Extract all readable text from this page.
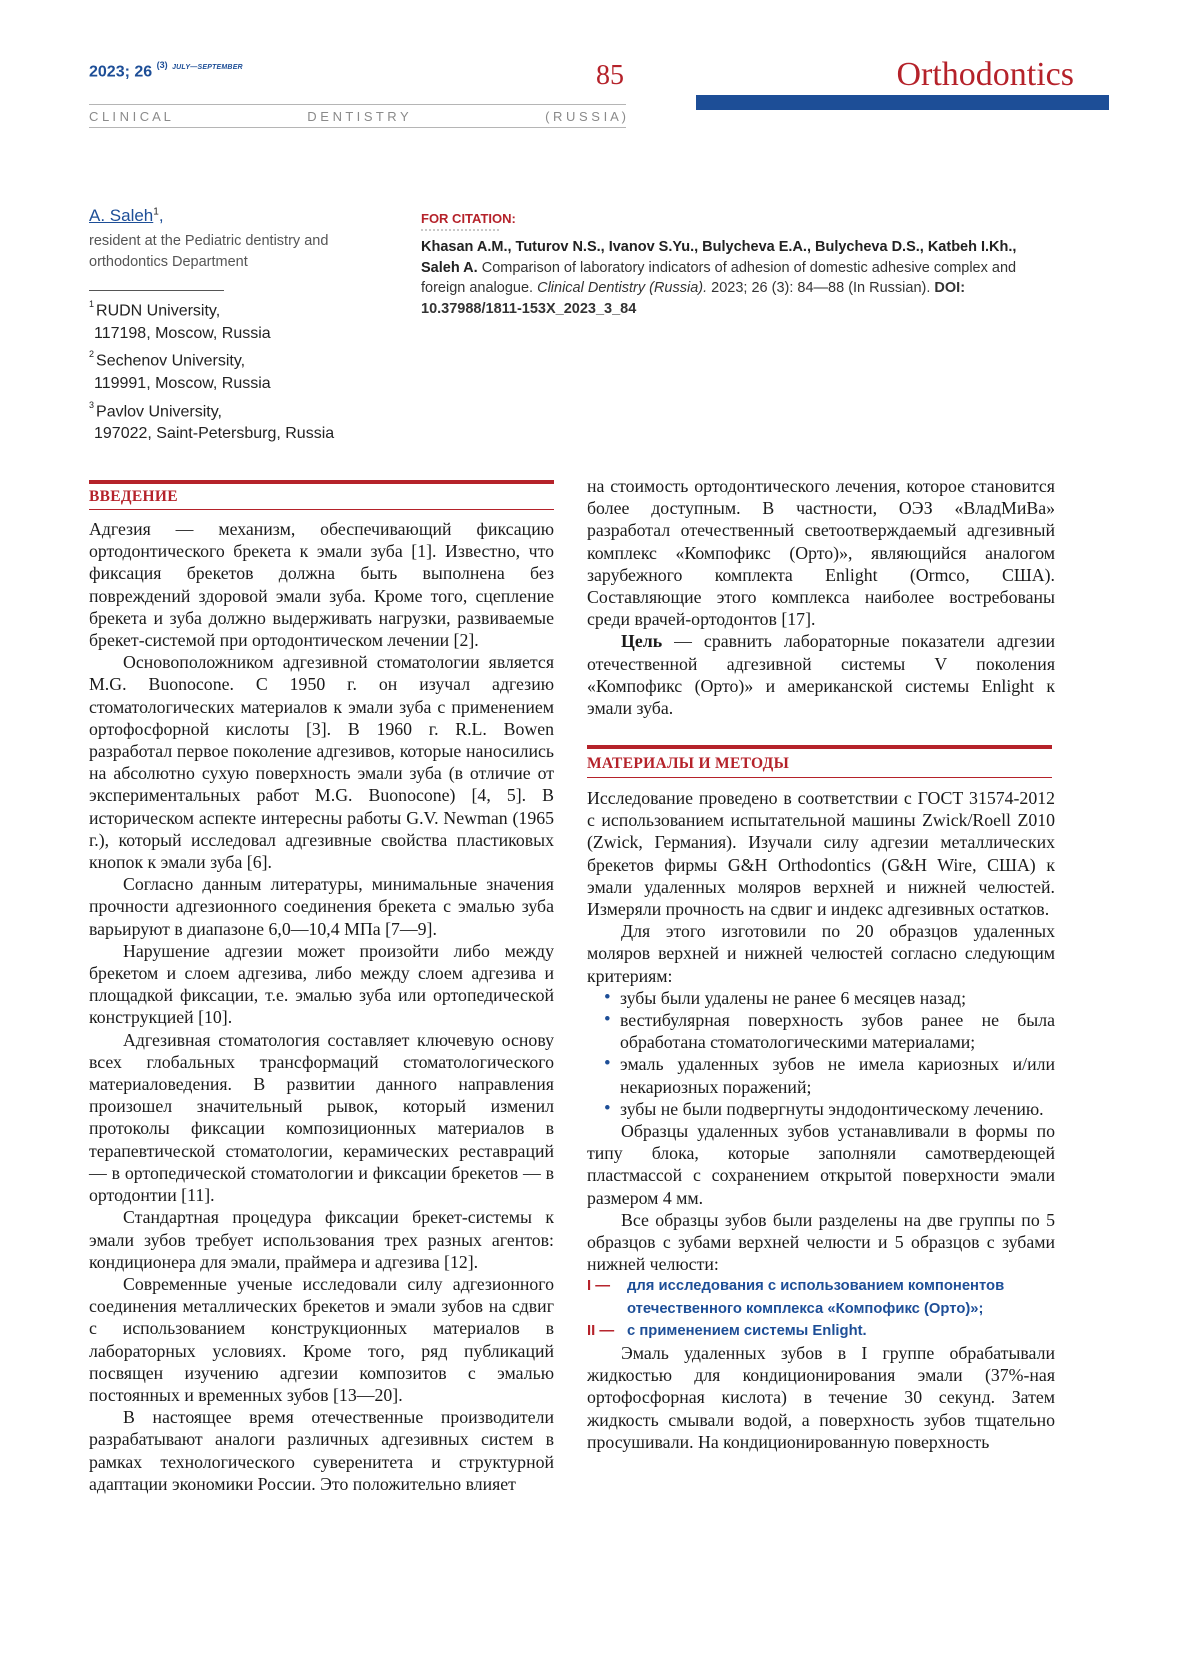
2023; 26 $^{(3)}$ $^{JULY—SEPTEMBER}$	85	Orthodontics
C L I N I C A L	D E N T I S T R Y	( R U S S I A )
A. Saleh$^1$,
resident at the Pediatric dentistry and orthodontics Department
$^1$ RUDN University,
117198, Moscow, Russia
$^2$ Sechenov University,
119991, Moscow, Russia
$^3$ Pavlov University,
197022, Saint-Petersburg, Russia
FOR CITATION:
Khasan A.M., Tuturov N.S., Ivanov S.Yu., Bulycheva E.A., Bulycheva D.S., Katbeh I.Kh., Saleh A. Comparison of laboratory indicators of adhesion of domestic adhesive complex and foreign analogue. Clinical Dentistry (Russia). 2023; 26 (3): 84—88 (In Russian). DOI: 10.37988/1811-153X_2023_3_84
ВВЕДЕНИЕ

Адгезия — механизм, обеспечивающий фиксацию ортодонтического брекета к эмали зуба [1]. Известно, что фиксация брекетов должна быть выполнена без повреждений здоровой эмали зуба. Кроме того, сцепление брекета и зуба должно выдерживать нагрузки, развиваемые брекет-системой при ортодонтическом лечении [2].

Основоположником адгезивной стоматологии является M.G. Buonocone. С 1950 г. он изучал адгезию стоматологических материалов к эмали зуба с применением ортофосфорной кислоты [3]. В 1960 г. R.L. Bowen разработал первое поколение адгезивов, которые наносились на абсолютно сухую поверхность эмали зуба (в отличие от экспериментальных работ M.G. Buonocone) [4, 5]. В историческом аспекте интересны работы G.V. Newman (1965 г.), который исследовал адгезивные свойства пластиковых кнопок к эмали зуба [6].

Согласно данным литературы, минимальные значения прочности адгезионного соединения брекета с эмалью зуба варьируют в диапазоне 6,0—10,4 МПа [7—9].

Нарушение адгезии может произойти либо между брекетом и слоем адгезива, либо между слоем адгезива и площадкой фиксации, т.е. эмалью зуба или ортопедической конструкцией [10].

Адгезивная стоматология составляет ключевую основу всех глобальных трансформаций стоматологического материаловедения. В развитии данного направления произошел значительный рывок, который изменил протоколы фиксации композиционных материалов в терапевтической стоматологии, керамических реставраций — в ортопедической стоматологии и фиксации брекетов — в ортодонтии [11].

Стандартная процедура фиксации брекет-системы к эмали зубов требует использования трех разных агентов: кондиционера для эмали, праймера и адгезива [12].

Современные ученые исследовали силу адгезионного соединения металлических брекетов и эмали зубов на сдвиг с использованием конструкционных материалов в лабораторных условиях. Кроме того, ряд публикаций посвящен изучению адгезии композитов с эмалью постоянных и временных зубов [13—20].

В настоящее время отечественные производители разрабатывают аналоги различных адгезивных систем в рамках технологического суверенитета и структурной адаптации экономики России. Это положительно влияет

на стоимость ортодонтического лечения, которое становится более доступным. В частности, ОЭЗ «ВладМиВа» разработал отечественный светоотверждаемый адгезивный комплекс «Компофикс (Орто)», являющийся аналогом зарубежного комплекта Enlight (Ormco, США). Составляющие этого комплекса наиболее востребованы среди врачей-ортодонтов [17].

Цель — сравнить лабораторные показатели адгезии отечественной адгезивной системы V поколения «Компофикс (Орто)» и американской системы Enlight к эмали зуба.

МАТЕРИАЛЫ И МЕТОДЫ

Исследование проведено в соответствии с ГОСТ 31574-2012 с использованием испытательной машины Zwick/Roell Z010 (Zwick, Германия). Изучали силу адгезии металлических брекетов фирмы G&H Orthodontics (G&H Wire, США) к эмали удаленных моляров верхней и нижней челюстей. Измеряли прочность на сдвиг и индекс адгезивных остатков.

Для этого изготовили по 20 образцов удаленных моляров верхней и нижней челюстей согласно следующим критериям:

• зубы были удалены не ранее 6 месяцев назад;
• вестибулярная поверхность зубов ранее не была обработана стоматологическими материалами;
• эмаль удаленных зубов не имела кариозных и/или некариозных поражений;
• зубы не были подвергнуты эндодонтическому лечению.

Образцы удаленных зубов устанавливали в формы по типу блока, которые заполняли самотвердеющей пластмассой с сохранением открытой поверхности эмали размером 4 мм.

Все образцы зубов были разделены на две группы по 5 образцов с зубами верхней челюсти и 5 образцов с зубами нижней челюсти:

I — для исследования с использованием компонентов отечественного комплекса «Компофикс (Орто)»;
II — с применением системы Enlight.

Эмаль удаленных зубов в I группе обрабатывали жидкостью для кондиционирования эмали (37%-ная ортофосфорная кислота) в течение 30 секунд. Затем жидкость смывали водой, а поверхность зубов тщательно просушивали. На кондиционированную поверхность
